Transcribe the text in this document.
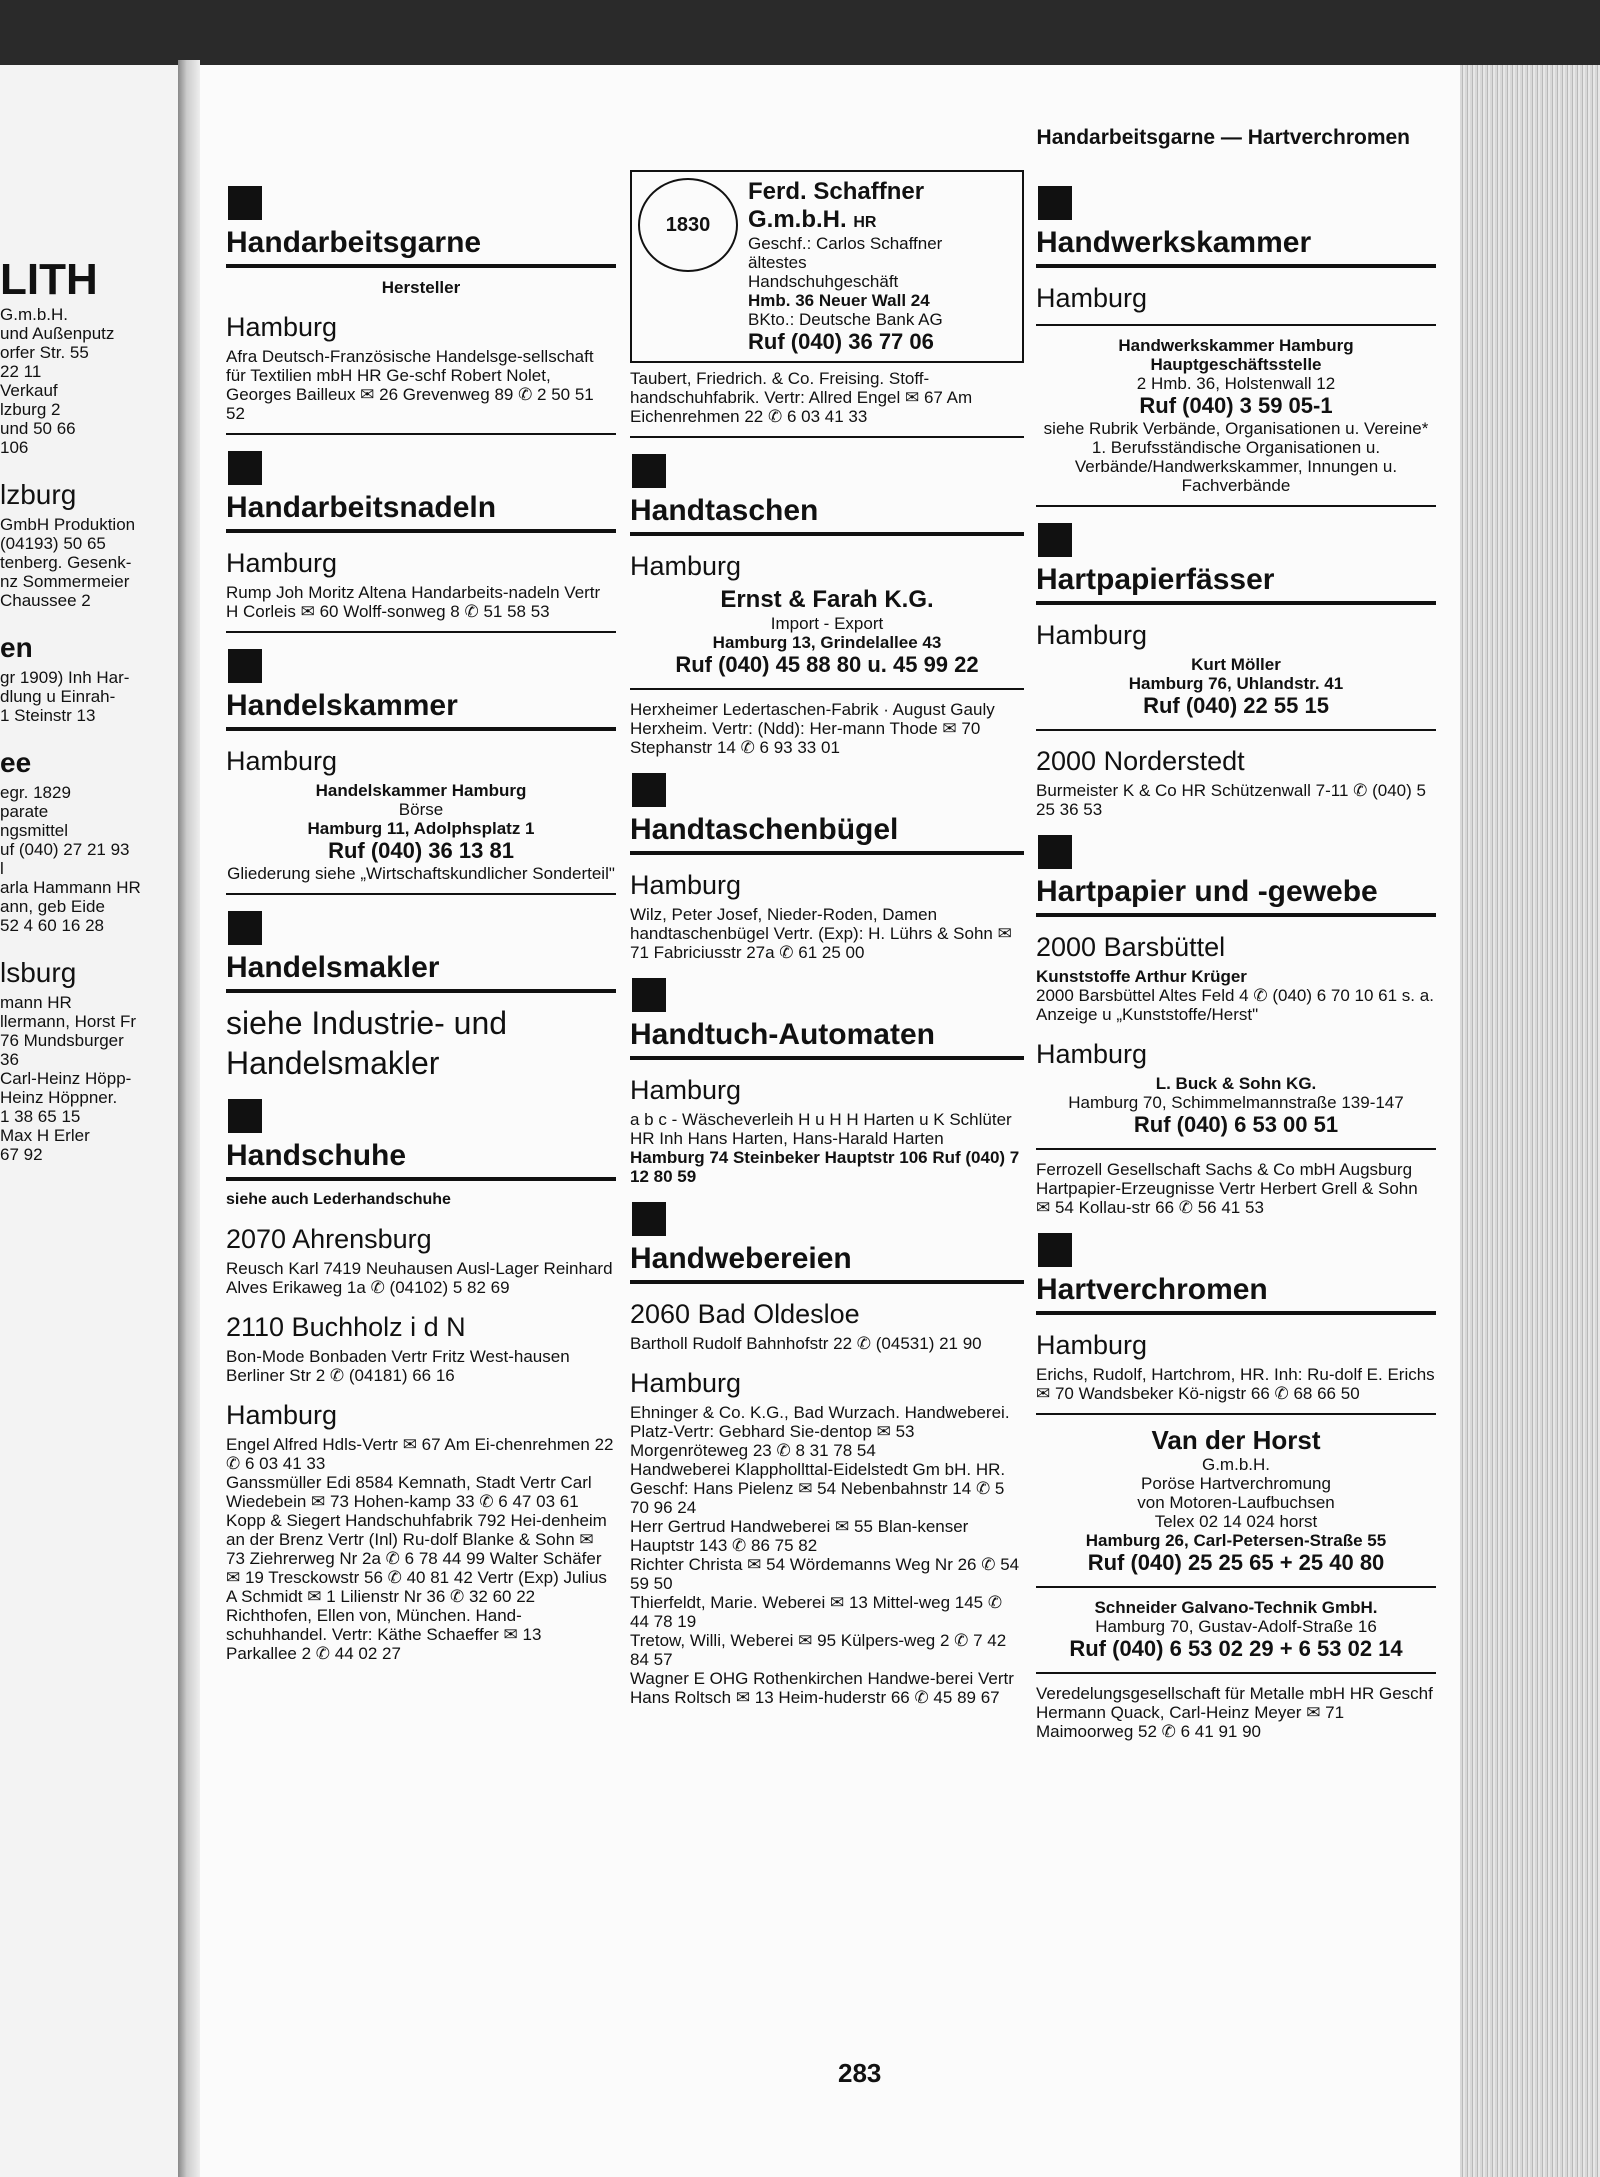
LITH
G.m.b.H.
und Außenputz
orfer Str. 55
22 11
Verkauf
lzburg 2
und 50 66
106
lzburg
GmbH Produktion
(04193) 50 65
tenberg. Gesenk-
nz Sommermeier
Chaussee 2
en
gr 1909) Inh Har-
dlung u Einrah-
1 Steinstr 13
ee
egr. 1829
parate
ngsmittel
uf (040) 27 21 93
l
arla Hammann HR
ann, geb Eide
52 4 60 16 28
lsburg
mann HR
llermann, Horst Fr
76 Mundsburger
36
Carl-Heinz Höpp-
Heinz Höppner.
1 38 65 15
Max H Erler
67 92
Handarbeitsgarne — Hartverchromen
Handarbeitsgarne
Hersteller
Hamburg
Afra Deutsch-Französische Handelsge-sellschaft für Textilien mbH HR Ge-schf Robert Nolet, Georges Bailleux ✉ 26 Grevenweg 89 ✆ 2 50 51 52
Handarbeitsnadeln
Hamburg
Rump Joh Moritz Altena Handarbeits-nadeln Vertr H Corleis ✉ 60 Wolff-sonweg 8 ✆ 51 58 53
Handelskammer
Hamburg
Handelskammer Hamburg
Börse
Hamburg 11, Adolphsplatz 1
Ruf (040) 36 13 81
Gliederung siehe „Wirtschaftskundlicher Sonderteil"
Handelsmakler
siehe Industrie- und Handelsmakler
Handschuhe
siehe auch Lederhandschuhe
2070 Ahrensburg
Reusch Karl 7419 Neuhausen Ausl-Lager Reinhard Alves Erikaweg 1a ✆ (04102) 5 82 69
2110 Buchholz i d N
Bon-Mode Bonbaden Vertr Fritz West-hausen Berliner Str 2 ✆ (04181) 66 16
Hamburg
Engel Alfred Hdls-Vertr ✉ 67 Am Ei-chenrehmen 22 ✆ 6 03 41 33
Ganssmüller Edi 8584 Kemnath, Stadt Vertr Carl Wiedebein ✉ 73 Hohen-kamp 33 ✆ 6 47 03 61
Kopp & Siegert Handschuhfabrik 792 Hei-denheim an der Brenz Vertr (Inl) Ru-dolf Blanke & Sohn ✉ 73 Ziehrerweg Nr 2a ✆ 6 78 44 99 Walter Schäfer ✉ 19 Tresckowstr 56 ✆ 40 81 42 Vertr (Exp) Julius A Schmidt ✉ 1 Lilienstr Nr 36 ✆ 32 60 22
Richthofen, Ellen von, München. Hand-schuhhandel. Vertr: Käthe Schaeffer ✉ 13 Parkallee 2 ✆ 44 02 27
1830
Ferd. Schaffner G.m.b.H. HR
Geschf.: Carlos Schaffner
ältestes
Handschuhgeschäft
Hmb. 36 Neuer Wall 24
BKto.: Deutsche Bank AG
Ruf (040) 36 77 06
Taubert, Friedrich. & Co. Freising. Stoff-handschuhfabrik. Vertr: Allred Engel ✉ 67 Am Eichenrehmen 22 ✆ 6 03 41 33
Handtaschen
Hamburg
Ernst & Farah K.G.
Import - Export
Hamburg 13, Grindelallee 43
Ruf (040) 45 88 80 u. 45 99 22
Herxheimer Ledertaschen-Fabrik · August Gauly Herxheim. Vertr: (Ndd): Her-mann Thode ✉ 70 Stephanstr 14 ✆ 6 93 33 01
Handtaschenbügel
Hamburg
Wilz, Peter Josef, Nieder-Roden, Damen handtaschenbügel Vertr. (Exp): H. Lührs & Sohn ✉ 71 Fabriciusstr 27a ✆ 61 25 00
Handtuch-Automaten
Hamburg
a b c - Wäscheverleih H u H H Harten u K Schlüter HR Inh Hans Harten, Hans-Harald Harten
Hamburg 74 Steinbeker Hauptstr 106 Ruf (040) 7 12 80 59
Handwebereien
2060 Bad Oldesloe
Bartholl Rudolf Bahnhofstr 22 ✆ (04531) 21 90
Hamburg
Ehninger & Co. K.G., Bad Wurzach. Handweberei. Platz-Vertr: Gebhard Sie-dentop ✉ 53 Morgenröteweg 23 ✆ 8 31 78 54
Handweberei Klapphollttal-Eidelstedt Gm bH. HR. Geschf: Hans Pielenz ✉ 54 Nebenbahnstr 14 ✆ 5 70 96 24
Herr Gertrud Handweberei ✉ 55 Blan-kenser Hauptstr 143 ✆ 86 75 82
Richter Christa ✉ 54 Wördemanns Weg Nr 26 ✆ 54 59 50
Thierfeldt, Marie. Weberei ✉ 13 Mittel-weg 145 ✆ 44 78 19
Tretow, Willi, Weberei ✉ 95 Külpers-weg 2 ✆ 7 42 84 57
Wagner E OHG Rothenkirchen Handwe-berei Vertr Hans Roltsch ✉ 13 Heim-huderstr 66 ✆ 45 89 67
Handwerkskammer
Hamburg
Handwerkskammer Hamburg
Hauptgeschäftsstelle
2 Hmb. 36, Holstenwall 12
Ruf (040) 3 59 05-1
siehe Rubrik Verbände, Organisationen u. Vereine* 1. Berufsständische Organisationen u. Verbände/Handwerkskammer, Innungen u. Fachverbände
Hartpapierfässer
Hamburg
Kurt Möller
Hamburg 76, Uhlandstr. 41
Ruf (040) 22 55 15
2000 Norderstedt
Burmeister K & Co HR Schützenwall 7-11 ✆ (040) 5 25 36 53
Hartpapier und -gewebe
2000 Barsbüttel
Kunststoffe Arthur Krüger
2000 Barsbüttel Altes Feld 4 ✆ (040) 6 70 10 61 s. a. Anzeige u „Kunststoffe/Herst"
Hamburg
L. Buck & Sohn KG.
Hamburg 70, Schimmelmannstraße 139-147
Ruf (040) 6 53 00 51
Ferrozell Gesellschaft Sachs & Co mbH Augsburg Hartpapier-Erzeugnisse Vertr Herbert Grell & Sohn ✉ 54 Kollau-str 66 ✆ 56 41 53
Hartverchromen
Hamburg
Erichs, Rudolf, Hartchrom, HR. Inh: Ru-dolf E. Erichs ✉ 70 Wandsbeker Kö-nigstr 66 ✆ 68 66 50
Van der Horst
G.m.b.H.
Poröse Hartverchromung
von Motoren-Laufbuchsen
Telex 02 14 024 horst
Hamburg 26, Carl-Petersen-Straße 55
Ruf (040) 25 25 65 + 25 40 80
Schneider Galvano-Technik GmbH.
Hamburg 70, Gustav-Adolf-Straße 16
Ruf (040) 6 53 02 29 + 6 53 02 14
Veredelungsgesellschaft für Metalle mbH HR Geschf Hermann Quack, Carl-Heinz Meyer ✉ 71 Maimoorweg 52 ✆ 6 41 91 90
283
